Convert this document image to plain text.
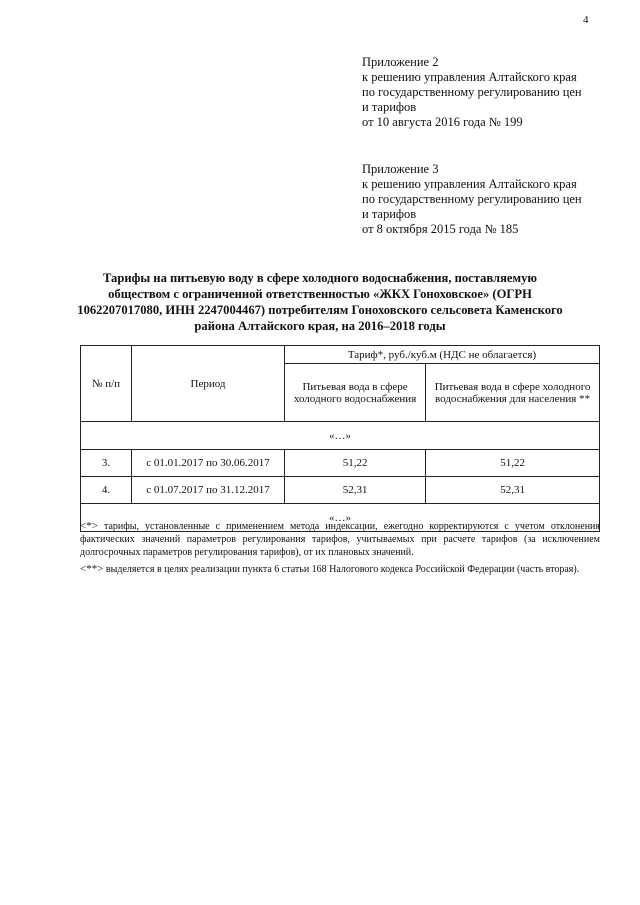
4
Приложение 2
к решению управления Алтайского края
по государственному регулированию цен
и тарифов
от 10 августа 2016 года № 199
Приложение 3
к решению управления Алтайского края
по государственному регулированию цен
и тарифов
от 8 октября 2015 года № 185
Тарифы на питьевую воду в сфере холодного водоснабжения, поставляемую обществом с ограниченной ответственностью «ЖКХ Гоноховское» (ОГРН 1062207017080, ИНН 2247004467) потребителям Гоноховского сельсовета Каменского района Алтайского края, на 2016–2018 годы
№ п/п	Период	Тариф*, руб./куб.м (НДС не облагается)	
		Питьевая вода в сфере холодного водоснабжения	Питьевая вода в сфере холодного водоснабжения для населения **
«…»			
3.	с 01.01.2017 по 30.06.2017	51,22	51,22
4.	с 01.07.2017 по 31.12.2017	52,31	52,31
«…»			

<*> тарифы, установленные с применением метода индексации, ежегодно корректируются с учетом отклонения фактических значений параметров регулирования тарифов, учитываемых при расчете тарифов (за исключением долгосрочных параметров регулирования тарифов), от их плановых значений.

<**> выделяется в целях реализации пункта 6 статьи 168 Налогового кодекса Российской Федерации (часть вторая).
